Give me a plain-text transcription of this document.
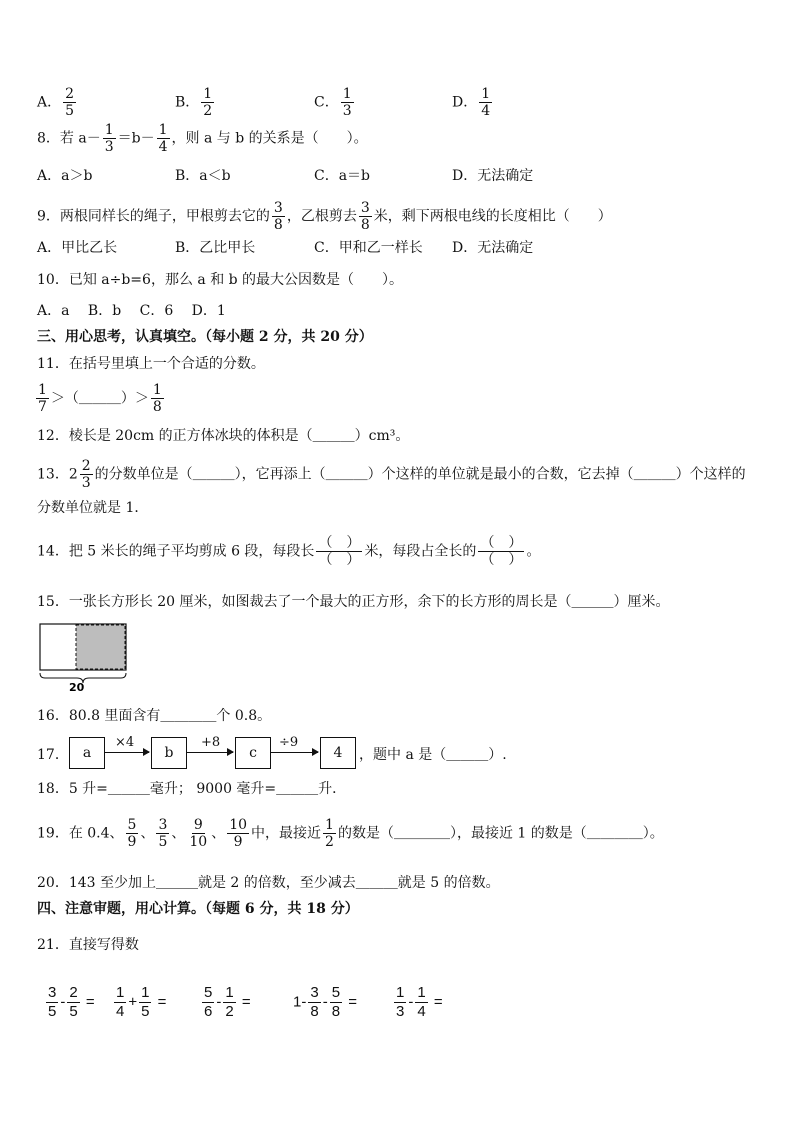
A． $\frac{2}{5}$	B． $\frac{1}{2}$	C． $\frac{1}{3}$	D． $\frac{1}{4}$
8．若 $a- \frac{1}{3} =b- \frac{1}{4}$ ，则 a 与 b 的关系是（　　）。
A．a＞b	B．a＜b	C．a＝b	D．无法确定
9．两根同样长的绳子，甲根剪去它的 $\frac{3}{8}$ ，乙根剪去 $\frac{3}{8}$ 米，剩下两根电线的长度相比（　　）
A．甲比乙长	B．乙比甲长	C．甲和乙一样长 D．无法确定
10．已知 a÷b=6，那么 a 和 b 的最大公因数是（　　）。
A．a　 B．b　 C．6　 D．1
三、用心思考，认真填空。（每小题 2 分，共 20 分）
11．在括号里填上一个合适的分数。
$\frac{1}{7}$ ＞（＿＿＿）＞ $\frac{1}{8}$
12．棱长是 20cm 的正方体冰块的体积是（＿＿＿）cm³。
13．$2 \frac{2}{3}$ 的分数单位是（＿＿＿），它再添上（＿＿＿）个这样的单位就是最小的合数，它去掉（＿＿＿）个这样的
分数单位就是 1．
14．把 5 米长的绳子平均剪成 6 段，每段长 $\frac{( )}{( )}$ 米，每段占全长的 $\frac{( )}{( )}$ 。
15．一张长方形长 20 厘米，如图裁去了一个最大的正方形，余下的长方形的周长是（＿＿＿）厘米。
20
16．80.8 里面含有＿＿＿＿个 0.8。
17． a
×4
b
+8
c
÷9
4	，题中 a 是（＿＿＿）.
18．5 升=＿＿＿毫升； 9000 毫升=＿＿＿升．
19．在 0.4、 $\frac{5}{9}$ 、 $\frac{3}{5}$ 、 $\frac{9}{10}$ 、 $\frac{10}{9}$ 中，最接近 $\frac{1}{2}$ 的数是（＿＿＿＿），最接近 1 的数是（＿＿＿＿）。
20．143 至少加上＿＿＿就是 2 的倍数，至少减去＿＿＿就是 5 的倍数。
四、注意审题，用心计算。（每题 6 分，共 18 分）
21．直接写得数
$\frac{3}{5} - \frac{2}{5} = \frac{1}{4} + \frac{1}{5} = \frac{5}{6} - \frac{1}{2}$ =	$1- \frac{3}{8} - \frac{5}{8} = \frac{1}{3} - \frac{1}{4}$ =
